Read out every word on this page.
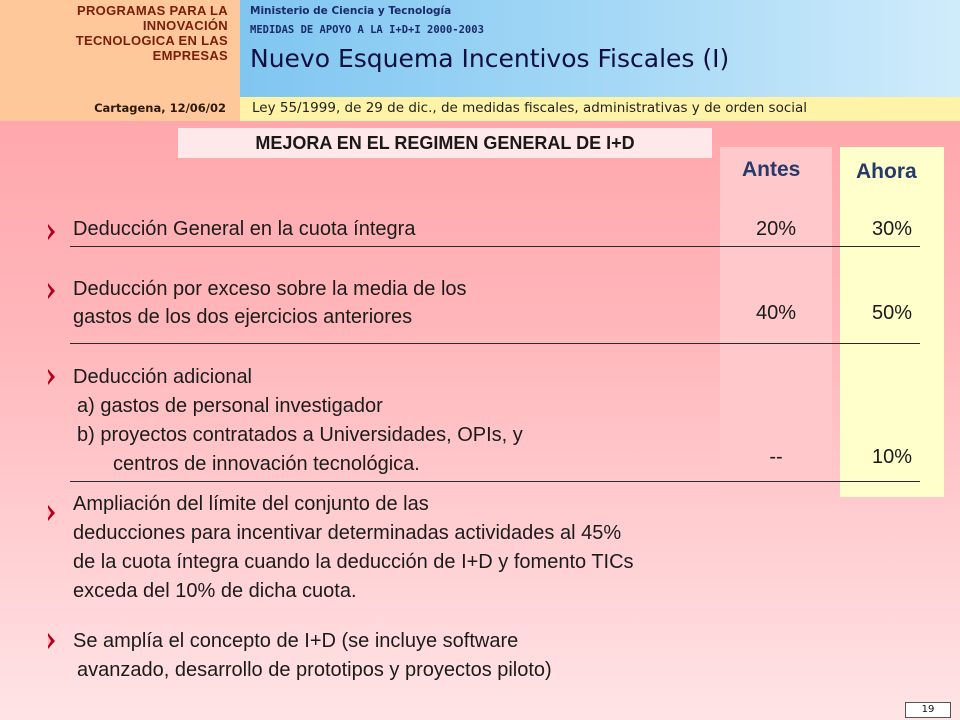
PROGRAMAS PARA LA
INNOVACIÓN
TECNOLOGICA EN LAS
EMPRESAS
Ministerio de Ciencia y Tecnología
MEDIDAS DE APOYO A LA I+D+I 2000-2003
Nuevo Esquema Incentivos Fiscales (I)
Cartagena, 12/06/02 Ley 55/1999, de 29 de dic., de medidas fiscales, administrativas y de orden social
MEJORA EN EL REGIMEN GENERAL DE I+D
Antes	Ahora
Deducción General en la cuota íntegra	20%	30%
Deducción por exceso sobre la media de los
gastos de los dos ejercicios anteriores	40%	50%
Deducción adicional
a) gastos de personal investigador
b) proyectos contratados a Universidades, OPIs, y
centros de innovación tecnológica.	--	10%
Ampliación del límite del conjunto de las
deducciones para incentivar determinadas actividades al 45%
de la cuota íntegra cuando la deducción de I+D y fomento TICs
exceda del 10% de dicha cuota.
Se amplía el concepto de I+D (se incluye software
avanzado, desarrollo de prototipos y proyectos piloto)
19
